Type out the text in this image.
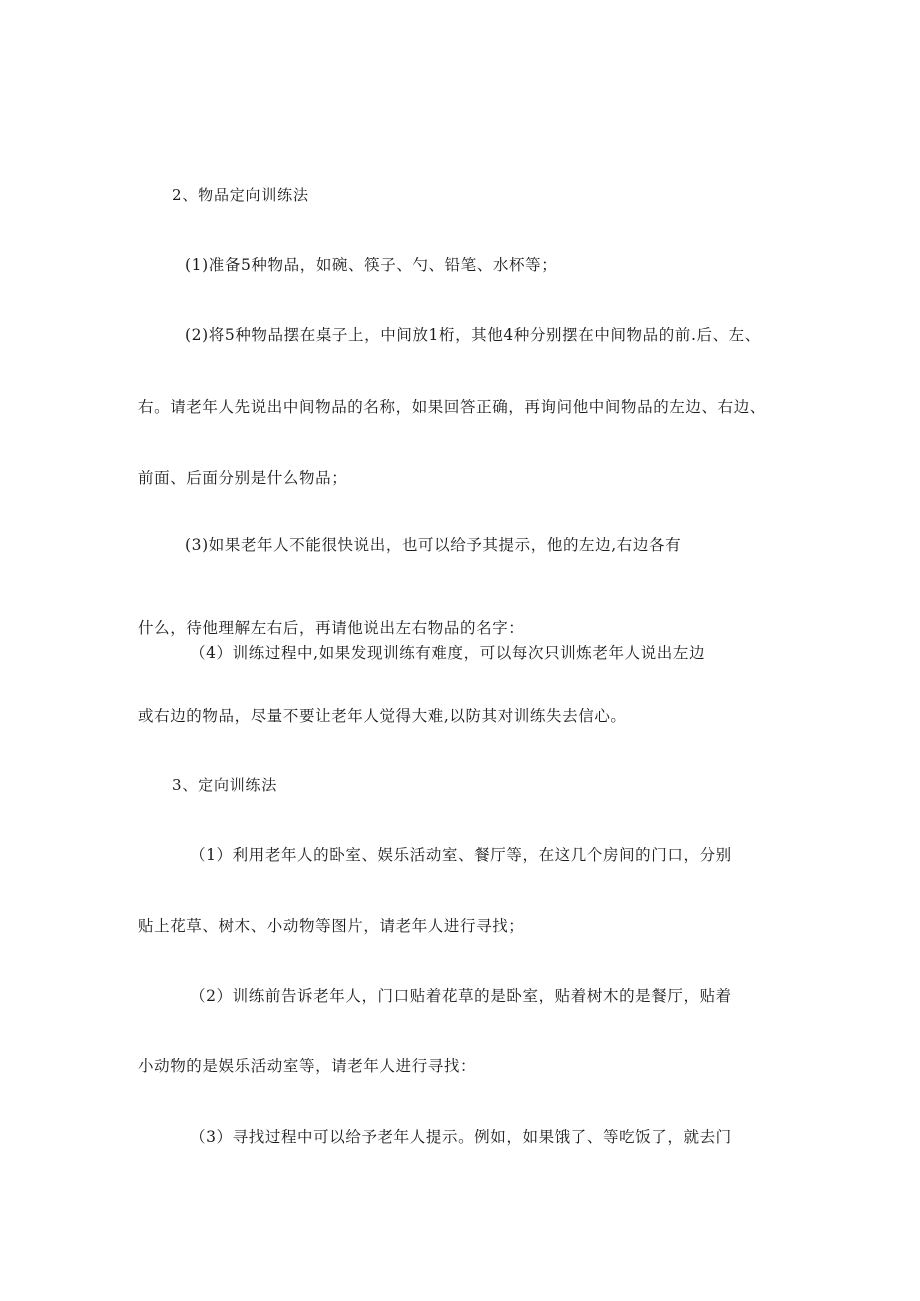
2、物品定向训练法
(1)准备5种物品，如碗、筷子、勺、铅笔、水杯等；
(2)将5种物品摆在桌子上，中间放1桁，其他4种分别摆在中间物品的前.后、左、
右。请老年人先说出中间物品的名称，如果回答正确，再询问他中间物品的左边、右边、
前面、后面分别是什么物品；
(3)如果老年人不能很快说出，也可以给予其提示，他的左边,右边各有
什么，待他理解左右后，再请他说出左右物品的名字：
（4）训练过程中,如果发现训练有难度，可以每次只训炼老年人说出左边
或右边的物品，尽量不要让老年人觉得大难,以防其对训练失去信心。
3、定向训练法
（1）利用老年人的卧室、娱乐活动室、餐厅等，在这几个房间的门口，分别
贴上花草、树木、小动物等图片，请老年人进行寻找；
（2）训练前告诉老年人，门口贴着花草的是卧室，贴着树木的是餐厅，贴着
小动物的是娱乐活动室等，请老年人进行寻找：
（3）寻找过程中可以给予老年人提示。例如，如果饿了、等吃饭了，就去门
